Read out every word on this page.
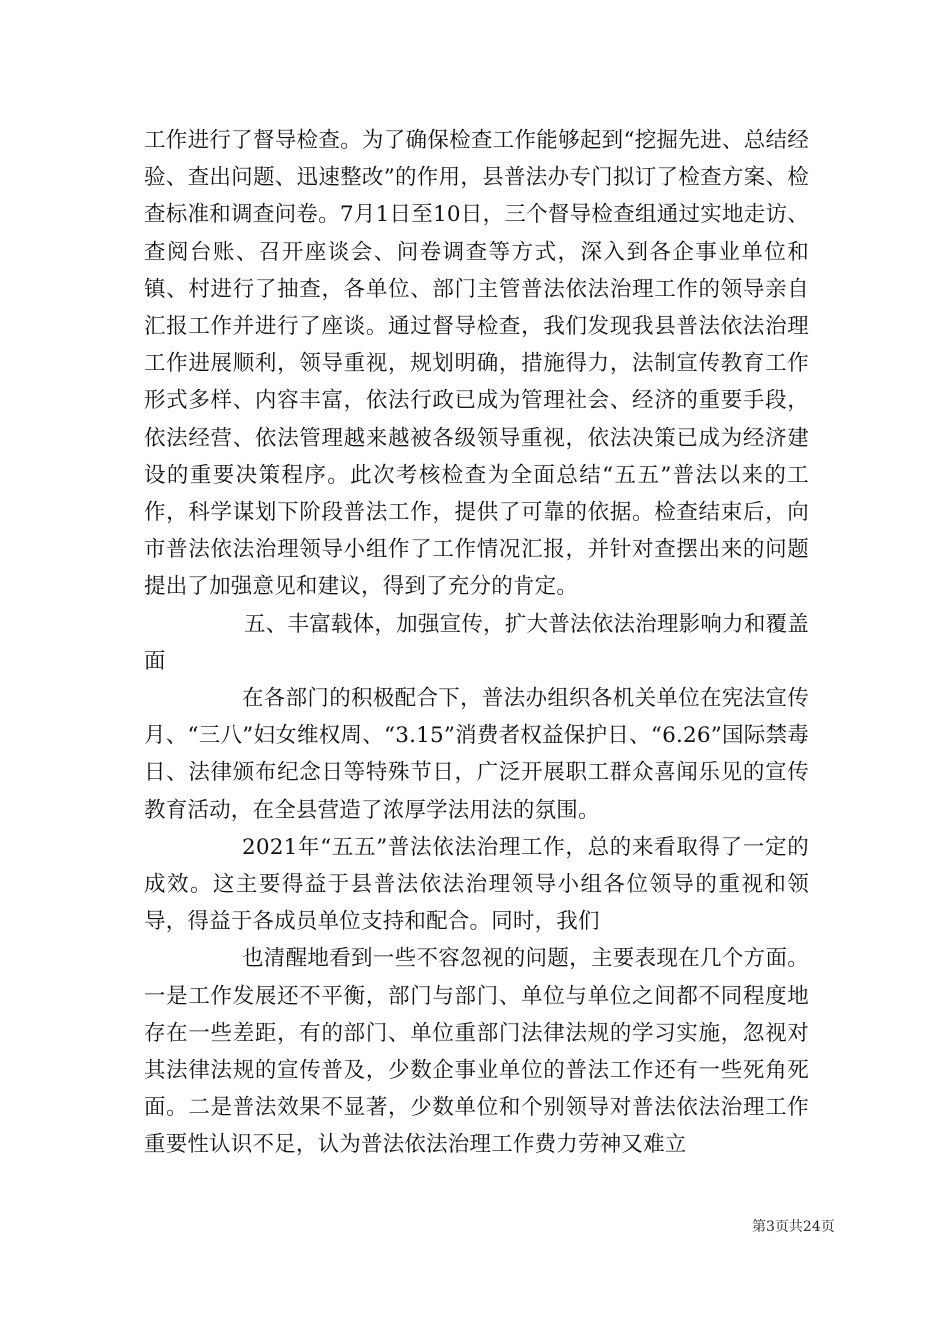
工作进行了督导检查。为了确保检查工作能够起到“挖掘先进、总结经验、查出问题、迅速整改”的作用，县普法办专门拟订了检查方案、检查标准和调查问卷。7月1日至10日，三个督导检查组通过实地走访、查阅台账、召开座谈会、问卷调查等方式，深入到各企事业单位和镇、村进行了抽查，各单位、部门主管普法依法治理工作的领导亲自汇报工作并进行了座谈。通过督导检查，我们发现我县普法依法治理工作进展顺利，领导重视，规划明确，措施得力，法制宣传教育工作形式多样、内容丰富，依法行政已成为管理社会、经济的重要手段，依法经营、依法管理越来越被各级领导重视，依法决策已成为经济建设的重要决策程序。此次考核检查为全面总结“五五”普法以来的工作，科学谋划下阶段普法工作，提供了可靠的依据。检查结束后，向市普法依法治理领导小组作了工作情况汇报，并针对查摆出来的问题提出了加强意见和建议，得到了充分的肯定。

五、丰富载体，加强宣传，扩大普法依法治理影响力和覆盖面

在各部门的积极配合下，普法办组织各机关单位在宪法宣传月、“三八”妇女维权周、“3.15”消费者权益保护日、“6.26”国际禁毒日、法律颁布纪念日等特殊节日，广泛开展职工群众喜闻乐见的宣传教育活动，在全县营造了浓厚学法用法的氛围。

2021年“五五”普法依法治理工作，总的来看取得了一定的成效。这主要得益于县普法依法治理领导小组各位领导的重视和领导，得益于各成员单位支持和配合。同时，我们

也清醒地看到一些不容忽视的问题，主要表现在几个方面。一是工作发展还不平衡，部门与部门、单位与单位之间都不同程度地存在一些差距，有的部门、单位重部门法律法规的学习实施，忽视对其法律法规的宣传普及，少数企事业单位的普法工作还有一些死角死面。二是普法效果不显著，少数单位和个别领导对普法依法治理工作重要性认识不足，认为普法依法治理工作费力劳神又难立

第3页共24页
